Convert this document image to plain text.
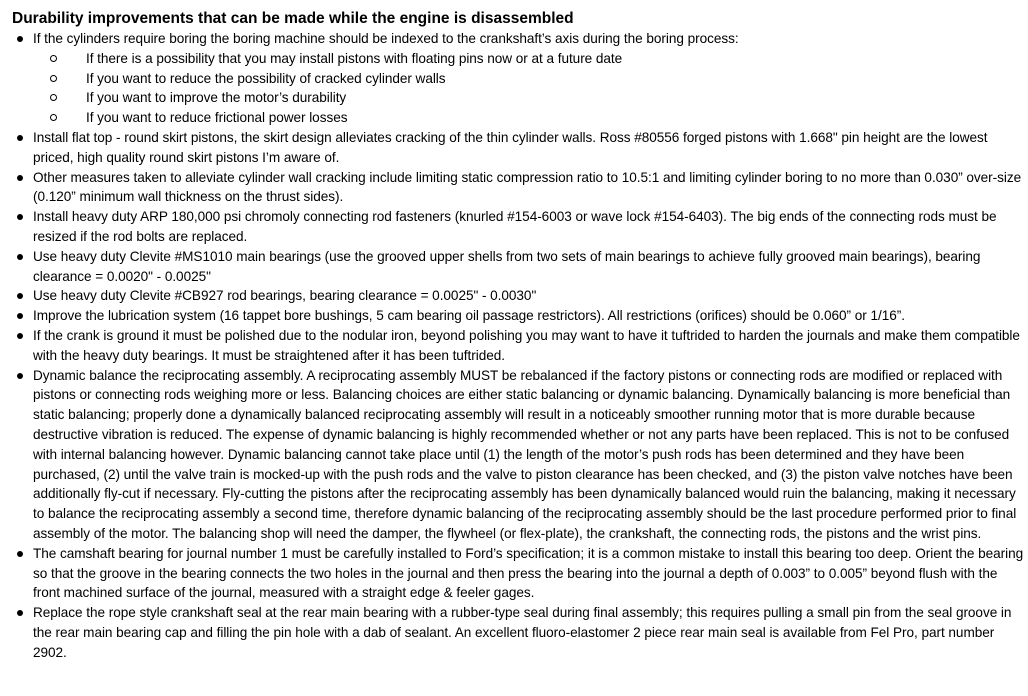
Durability improvements that can be made while the engine is disassembled
If the cylinders require boring the boring machine should be indexed to the crankshaft’s axis during the boring process:
If there is a possibility that you may install pistons with floating pins now or at a future date
If you want to reduce the possibility of cracked cylinder walls
If you want to improve the motor’s durability
If you want to reduce frictional power losses
Install flat top - round skirt pistons, the skirt design alleviates cracking of the thin cylinder walls. Ross #80556 forged pistons with 1.668" pin height are the lowest priced, high quality round skirt pistons I’m aware of.
Other measures taken to alleviate cylinder wall cracking include limiting static compression ratio to 10.5:1 and limiting cylinder boring to no more than 0.030” over-size (0.120” minimum wall thickness on the thrust sides).
Install heavy duty ARP 180,000 psi chromoly connecting rod fasteners (knurled #154-6003 or wave lock #154-6403). The big ends of the connecting rods must be resized if the rod bolts are replaced.
Use heavy duty Clevite #MS1010 main bearings (use the grooved upper shells from two sets of main bearings to achieve fully grooved main bearings), bearing clearance = 0.0020" - 0.0025"
Use heavy duty Clevite #CB927 rod bearings, bearing clearance = 0.0025" - 0.0030"
Improve the lubrication system (16 tappet bore bushings, 5 cam bearing oil passage restrictors). All restrictions (orifices) should be 0.060” or 1/16”.
If the crank is ground it must be polished due to the nodular iron, beyond polishing you may want to have it tuftrided to harden the journals and make them compatible with the heavy duty bearings. It must be straightened after it has been tuftrided.
Dynamic balance the reciprocating assembly. A reciprocating assembly MUST be rebalanced if the factory pistons or connecting rods are modified or replaced with pistons or connecting rods weighing more or less. Balancing choices are either static balancing or dynamic balancing. Dynamically balancing is more beneficial than static balancing; properly done a dynamically balanced reciprocating assembly will result in a noticeably smoother running motor that is more durable because destructive vibration is reduced. The expense of dynamic balancing is highly recommended whether or not any parts have been replaced. This is not to be confused with internal balancing however. Dynamic balancing cannot take place until (1) the length of the motor’s push rods has been determined and they have been purchased, (2) until the valve train is mocked-up with the push rods and the valve to piston clearance has been checked, and (3) the piston valve notches have been additionally fly-cut if necessary. Fly-cutting the pistons after the reciprocating assembly has been dynamically balanced would ruin the balancing, making it necessary to balance the reciprocating assembly a second time, therefore dynamic balancing of the reciprocating assembly should be the last procedure performed prior to final assembly of the motor. The balancing shop will need the damper, the flywheel (or flex-plate), the crankshaft, the connecting rods, the pistons and the wrist pins.
The camshaft bearing for journal number 1 must be carefully installed to Ford’s specification; it is a common mistake to install this bearing too deep. Orient the bearing so that the groove in the bearing connects the two holes in the journal and then press the bearing into the journal a depth of 0.003” to 0.005” beyond flush with the front machined surface of the journal, measured with a straight edge & feeler gages.
Replace the rope style crankshaft seal at the rear main bearing with a rubber-type seal during final assembly; this requires pulling a small pin from the seal groove in the rear main bearing cap and filling the pin hole with a dab of sealant. An excellent fluoro-elastomer 2 piece rear main seal is available from Fel Pro, part number 2902.
